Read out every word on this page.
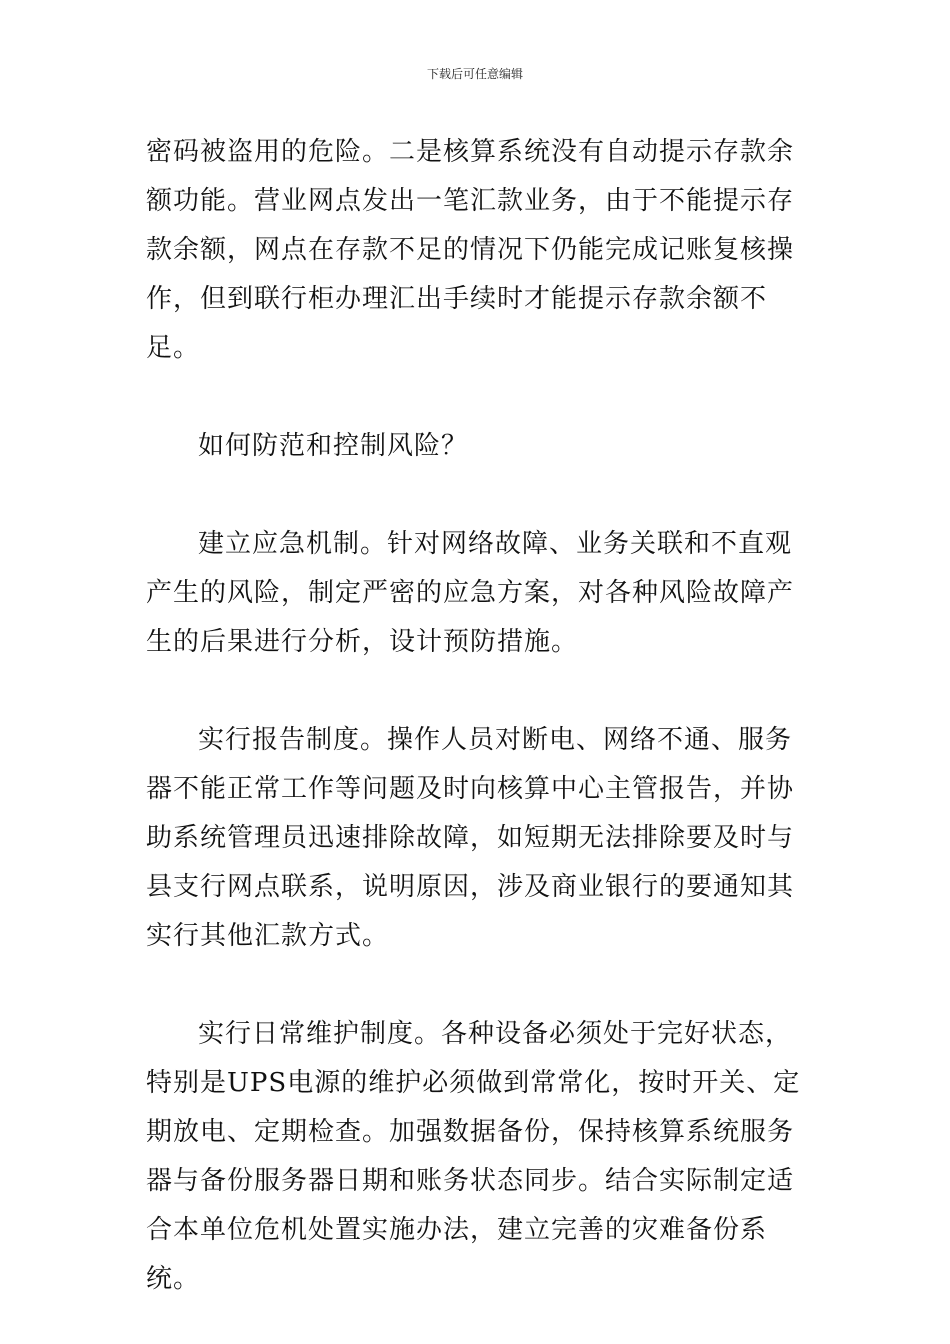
下载后可任意编辑

密码被盗用的危险。二是核算系统没有自动提示存款余额功能。营业网点发出一笔汇款业务，由于不能提示存款余额，网点在存款不足的情况下仍能完成记账复核操作，但到联行柜办理汇出手续时才能提示存款余额不足。

如何防范和控制风险？

建立应急机制。针对网络故障、业务关联和不直观产生的风险，制定严密的应急方案，对各种风险故障产生的后果进行分析，设计预防措施。

实行报告制度。操作人员对断电、网络不通、服务器不能正常工作等问题及时向核算中心主管报告，并协助系统管理员迅速排除故障，如短期无法排除要及时与县支行网点联系，说明原因，涉及商业银行的要通知其实行其他汇款方式。

实行日常维护制度。各种设备必须处于完好状态，特别是UPS电源的维护必须做到常常化，按时开关、定期放电、定期检查。加强数据备份，保持核算系统服务器与备份服务器日期和账务状态同步。结合实际制定适合本单位危机处置实施办法，建立完善的灾难备份系统。
